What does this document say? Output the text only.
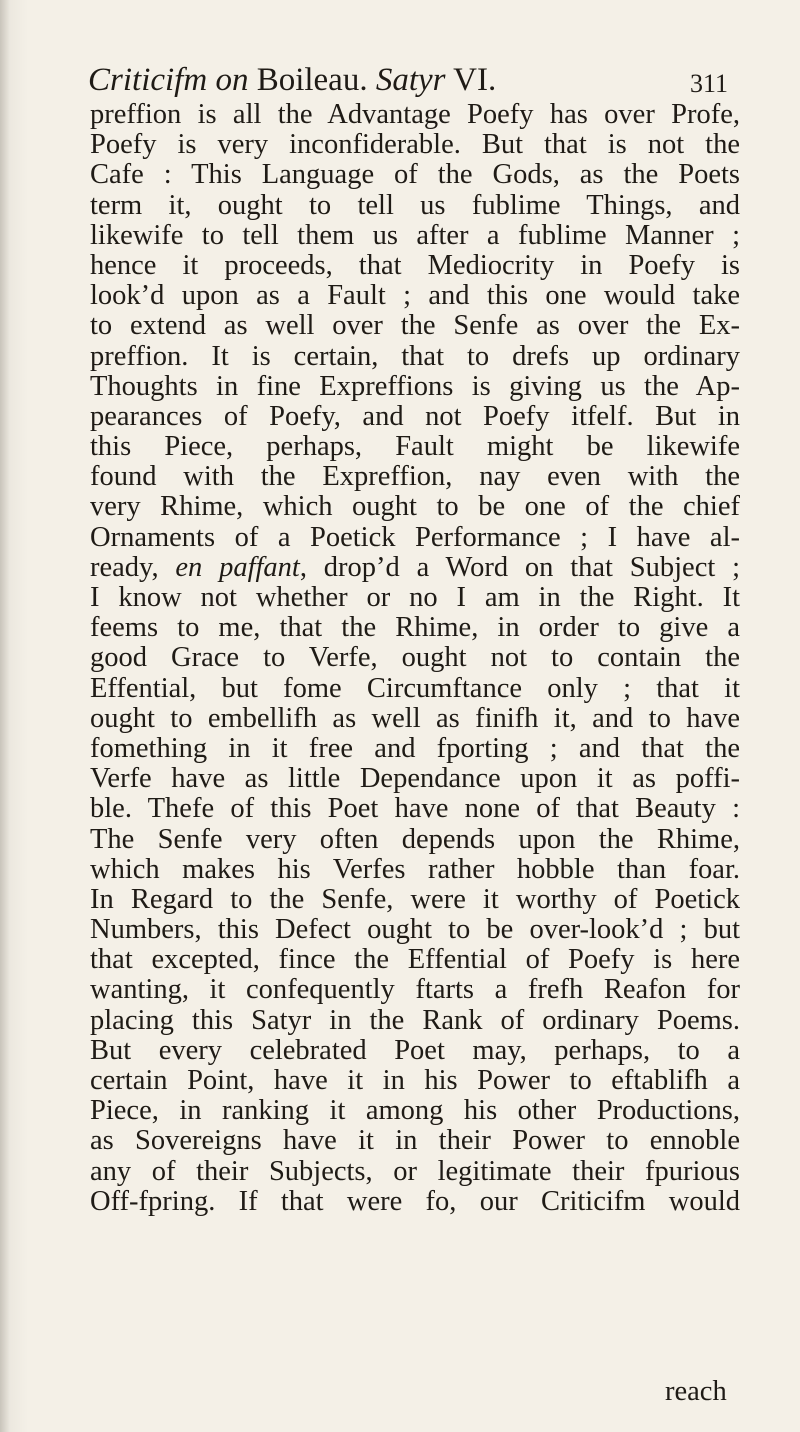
Criticifm on Boileau. Satyr VI.	311
preffion is all the Advantage Poefy has over Profe,
Poefy is very inconfiderable. But that is not the
Cafe : This Language of the Gods, as the Poets
term it, ought to tell us fublime Things, and
likewife to tell them us after a fublime Manner ;
hence it proceeds, that Mediocrity in Poefy is
look’d upon as a Fault ; and this one would take
to extend as well over the Senfe as over the Ex-
preffion. It is certain, that to drefs up ordinary
Thoughts in fine Expreffions is giving us the Ap-
pearances of Poefy, and not Poefy itfelf. But in
this Piece, perhaps, Fault might be likewife
found with the Expreffion, nay even with the
very Rhime, which ought to be one of the chief
Ornaments of a Poetick Performance ; I have al-
ready, en paffant, drop’d a Word on that Subject ;
I know not whether or no I am in the Right. It
feems to me, that the Rhime, in order to give a
good Grace to Verfe, ought not to contain the
Effential, but fome Circumftance only ; that it
ought to embellifh as well as finifh it, and to have
fomething in it free and fporting ; and that the
Verfe have as little Dependance upon it as poffi-
ble. Thefe of this Poet have none of that Beauty :
The Senfe very often depends upon the Rhime,
which makes his Verfes rather hobble than foar.
In Regard to the Senfe, were it worthy of Poetick
Numbers, this Defect ought to be over-look’d ; but
that excepted, fince the Effential of Poefy is here
wanting, it confequently ftarts a frefh Reafon for
placing this Satyr in the Rank of ordinary Poems.
But every celebrated Poet may, perhaps, to a
certain Point, have it in his Power to eftablifh a
Piece, in ranking it among his other Productions,
as Sovereigns have it in their Power to ennoble
any of their Subjects, or legitimate their fpurious
Off-fpring. If that were fo, our Criticifm would
reach
